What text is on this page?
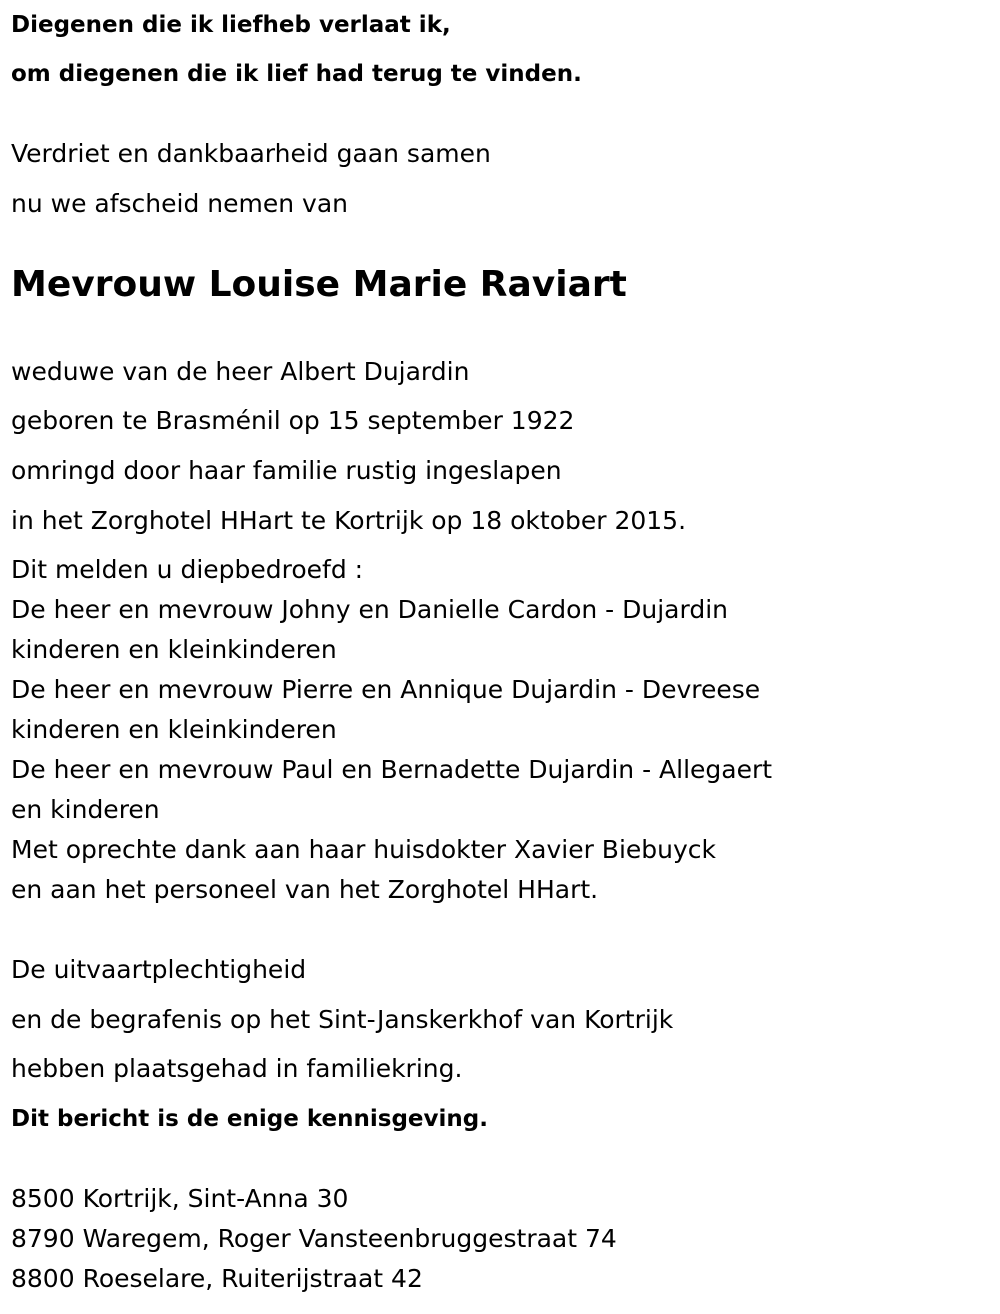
Diegenen die ik liefheb verlaat ik,
om diegenen die ik lief had terug te vinden.
Verdriet en dankbaarheid gaan samen
nu we afscheid nemen van
Mevrouw Louise Marie Raviart
weduwe van de heer Albert Dujardin
geboren te Brasménil op 15 september 1922
omringd door haar familie rustig ingeslapen
in het Zorghotel HHart te Kortrijk op 18 oktober 2015.
Dit melden u diepbedroefd :
De heer en mevrouw Johny en Danielle Cardon - Dujardin
kinderen en kleinkinderen
De heer en mevrouw Pierre en Annique Dujardin - Devreese
kinderen en kleinkinderen
De heer en mevrouw Paul en Bernadette Dujardin - Allegaert
en kinderen
Met oprechte dank aan haar huisdokter Xavier Biebuyck
en aan het personeel van het Zorghotel HHart.
De uitvaartplechtigheid
en de begrafenis op het Sint-Janskerkhof van Kortrijk
hebben plaatsgehad in familiekring.
Dit bericht is de enige kennisgeving.
8500 Kortrijk, Sint-Anna 30
8790 Waregem, Roger Vansteenbruggestraat 74
8800 Roeselare, Ruiterijstraat 42
